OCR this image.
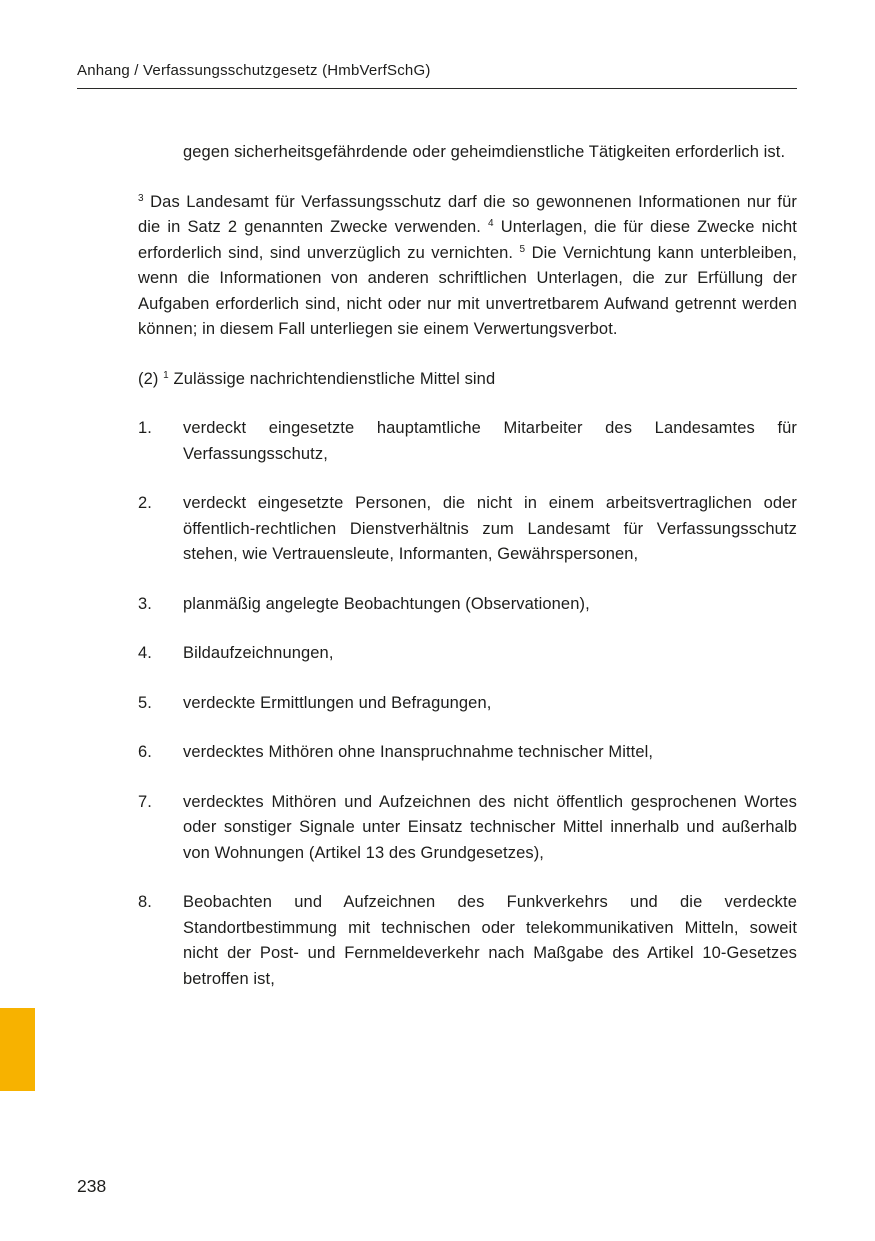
Anhang / Verfassungsschutzgesetz (HmbVerfSchG)

gegen sicherheitsgefährdende oder geheimdienstliche Tätigkeiten erforderlich ist.

$^3$ Das Landesamt für Verfassungsschutz darf die so gewonnenen Informationen nur für die in Satz 2 genannten Zwecke verwenden. $^4$ Unterlagen, die für diese Zwecke nicht erforderlich sind, sind unverzüglich zu vernichten. $^5$ Die Vernichtung kann unterbleiben, wenn die Informationen von anderen schriftlichen Unterlagen, die zur Erfüllung der Aufgaben erforderlich sind, nicht oder nur mit unvertretbarem Aufwand getrennt werden können; in diesem Fall unterliegen sie einem Verwertungsverbot.

(2) $^1$ Zulässige nachrichtendienstliche Mittel sind

1.	verdeckt eingesetzte hauptamtliche Mitarbeiter des Landesamtes für Verfassungsschutz,
2.	verdeckt eingesetzte Personen, die nicht in einem arbeitsvertraglichen oder öffentlich-rechtlichen Dienstverhältnis zum Landesamt für Verfassungsschutz stehen, wie Vertrauensleute, Informanten, Gewährspersonen,
3.	planmäßig angelegte Beobachtungen (Observationen),
4.	Bildaufzeichnungen,
5.	verdeckte Ermittlungen und Befragungen,
6.	verdecktes Mithören ohne Inanspruchnahme technischer Mittel,
7.	verdecktes Mithören und Aufzeichnen des nicht öffentlich gesprochenen Wortes oder sonstiger Signale unter Einsatz technischer Mittel innerhalb und außerhalb von Wohnungen (Artikel 13 des Grundgesetzes),
8.	Beobachten und Aufzeichnen des Funkverkehrs und die verdeckte Standortbestimmung mit technischen oder telekommunikativen Mitteln, soweit nicht der Post- und Fernmeldeverkehr nach Maßgabe des Artikel 10-Gesetzes betroffen ist,
238
